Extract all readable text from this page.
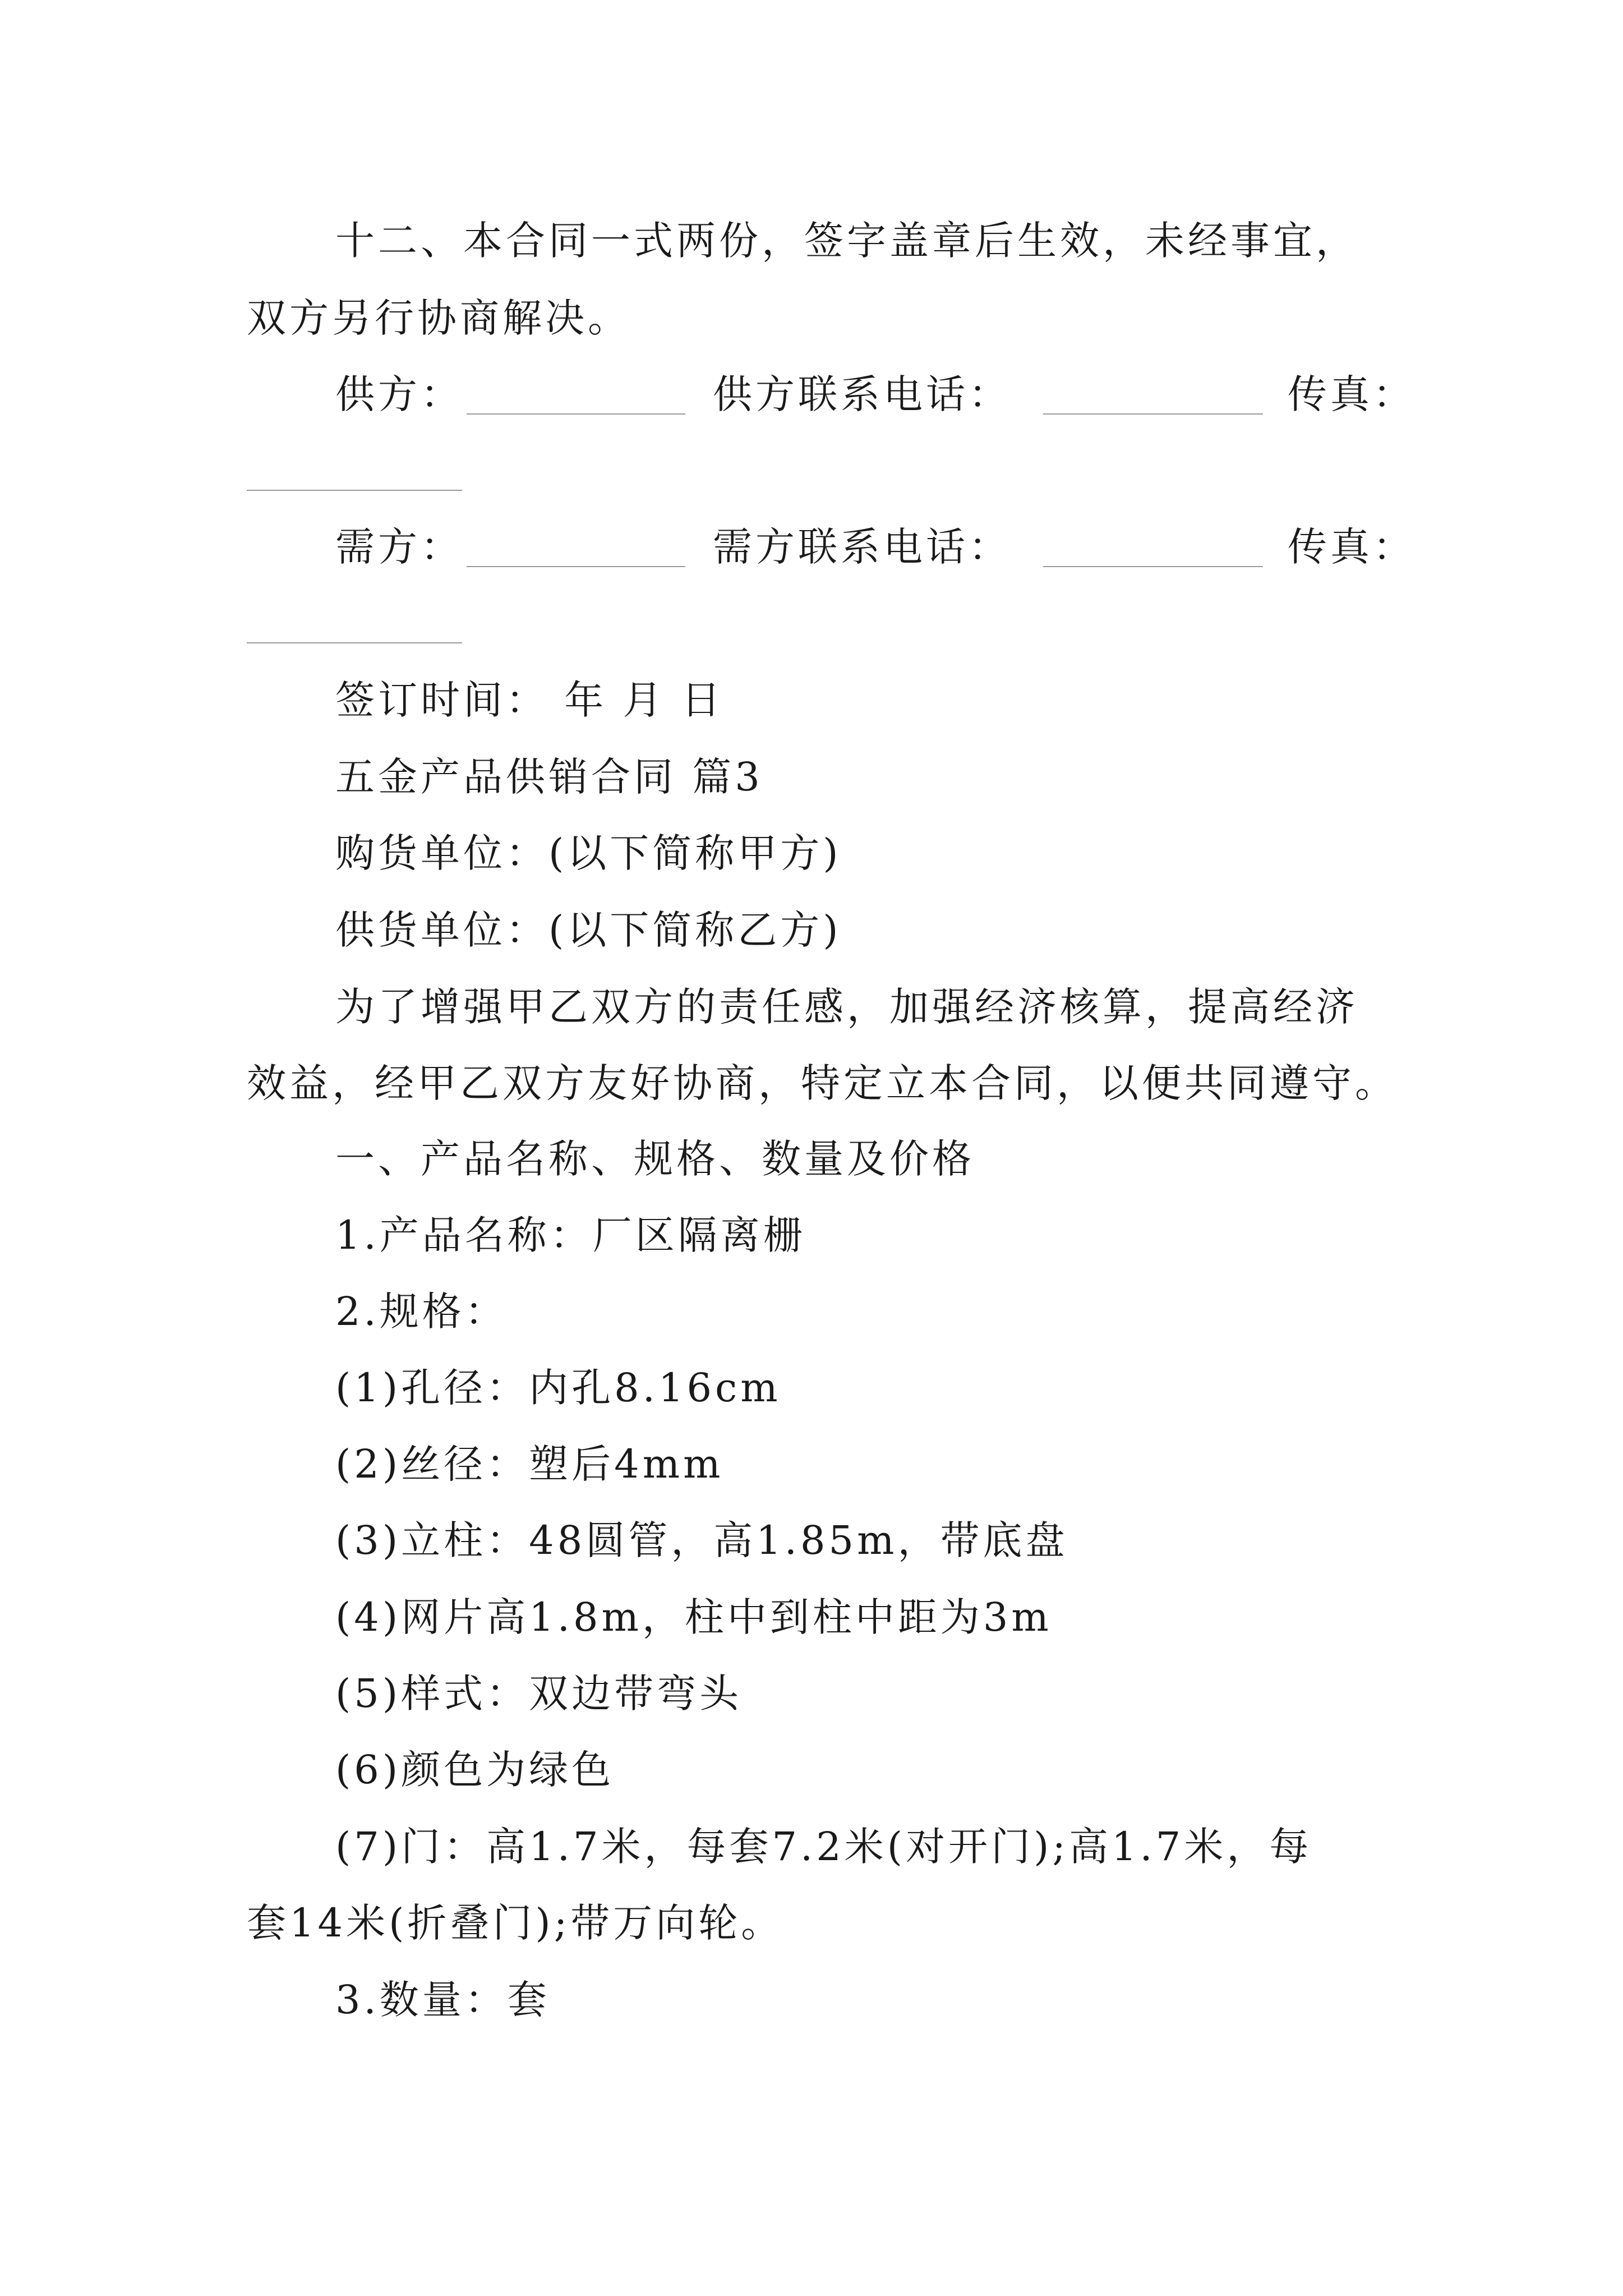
十二、本合同一式两份，签字盖章后生效，未经事宜，
双方另行协商解决。
供方：	供方联系电话：	传真：
需方：	需方联系电话：	传真：
签订时间： 年 月 日
五金产品供销合同 篇3
购货单位：(以下简称甲方)
供货单位：(以下简称乙方)
为了增强甲乙双方的责任感，加强经济核算，提高经济
效益，经甲乙双方友好协商，特定立本合同，以便共同遵守。
一、产品名称、规格、数量及价格
1.产品名称：厂区隔离栅
2.规格：
(1)孔径：内孔8.16cm
(2)丝径：塑后4mm
(3)立柱：48圆管，高1.85m，带底盘
(4)网片高1.8m，柱中到柱中距为3m
(5)样式：双边带弯头
(6)颜色为绿色
(7)门：高1.7米，每套7.2米(对开门);高1.7米，每
套14米(折叠门);带万向轮。
3.数量：套
